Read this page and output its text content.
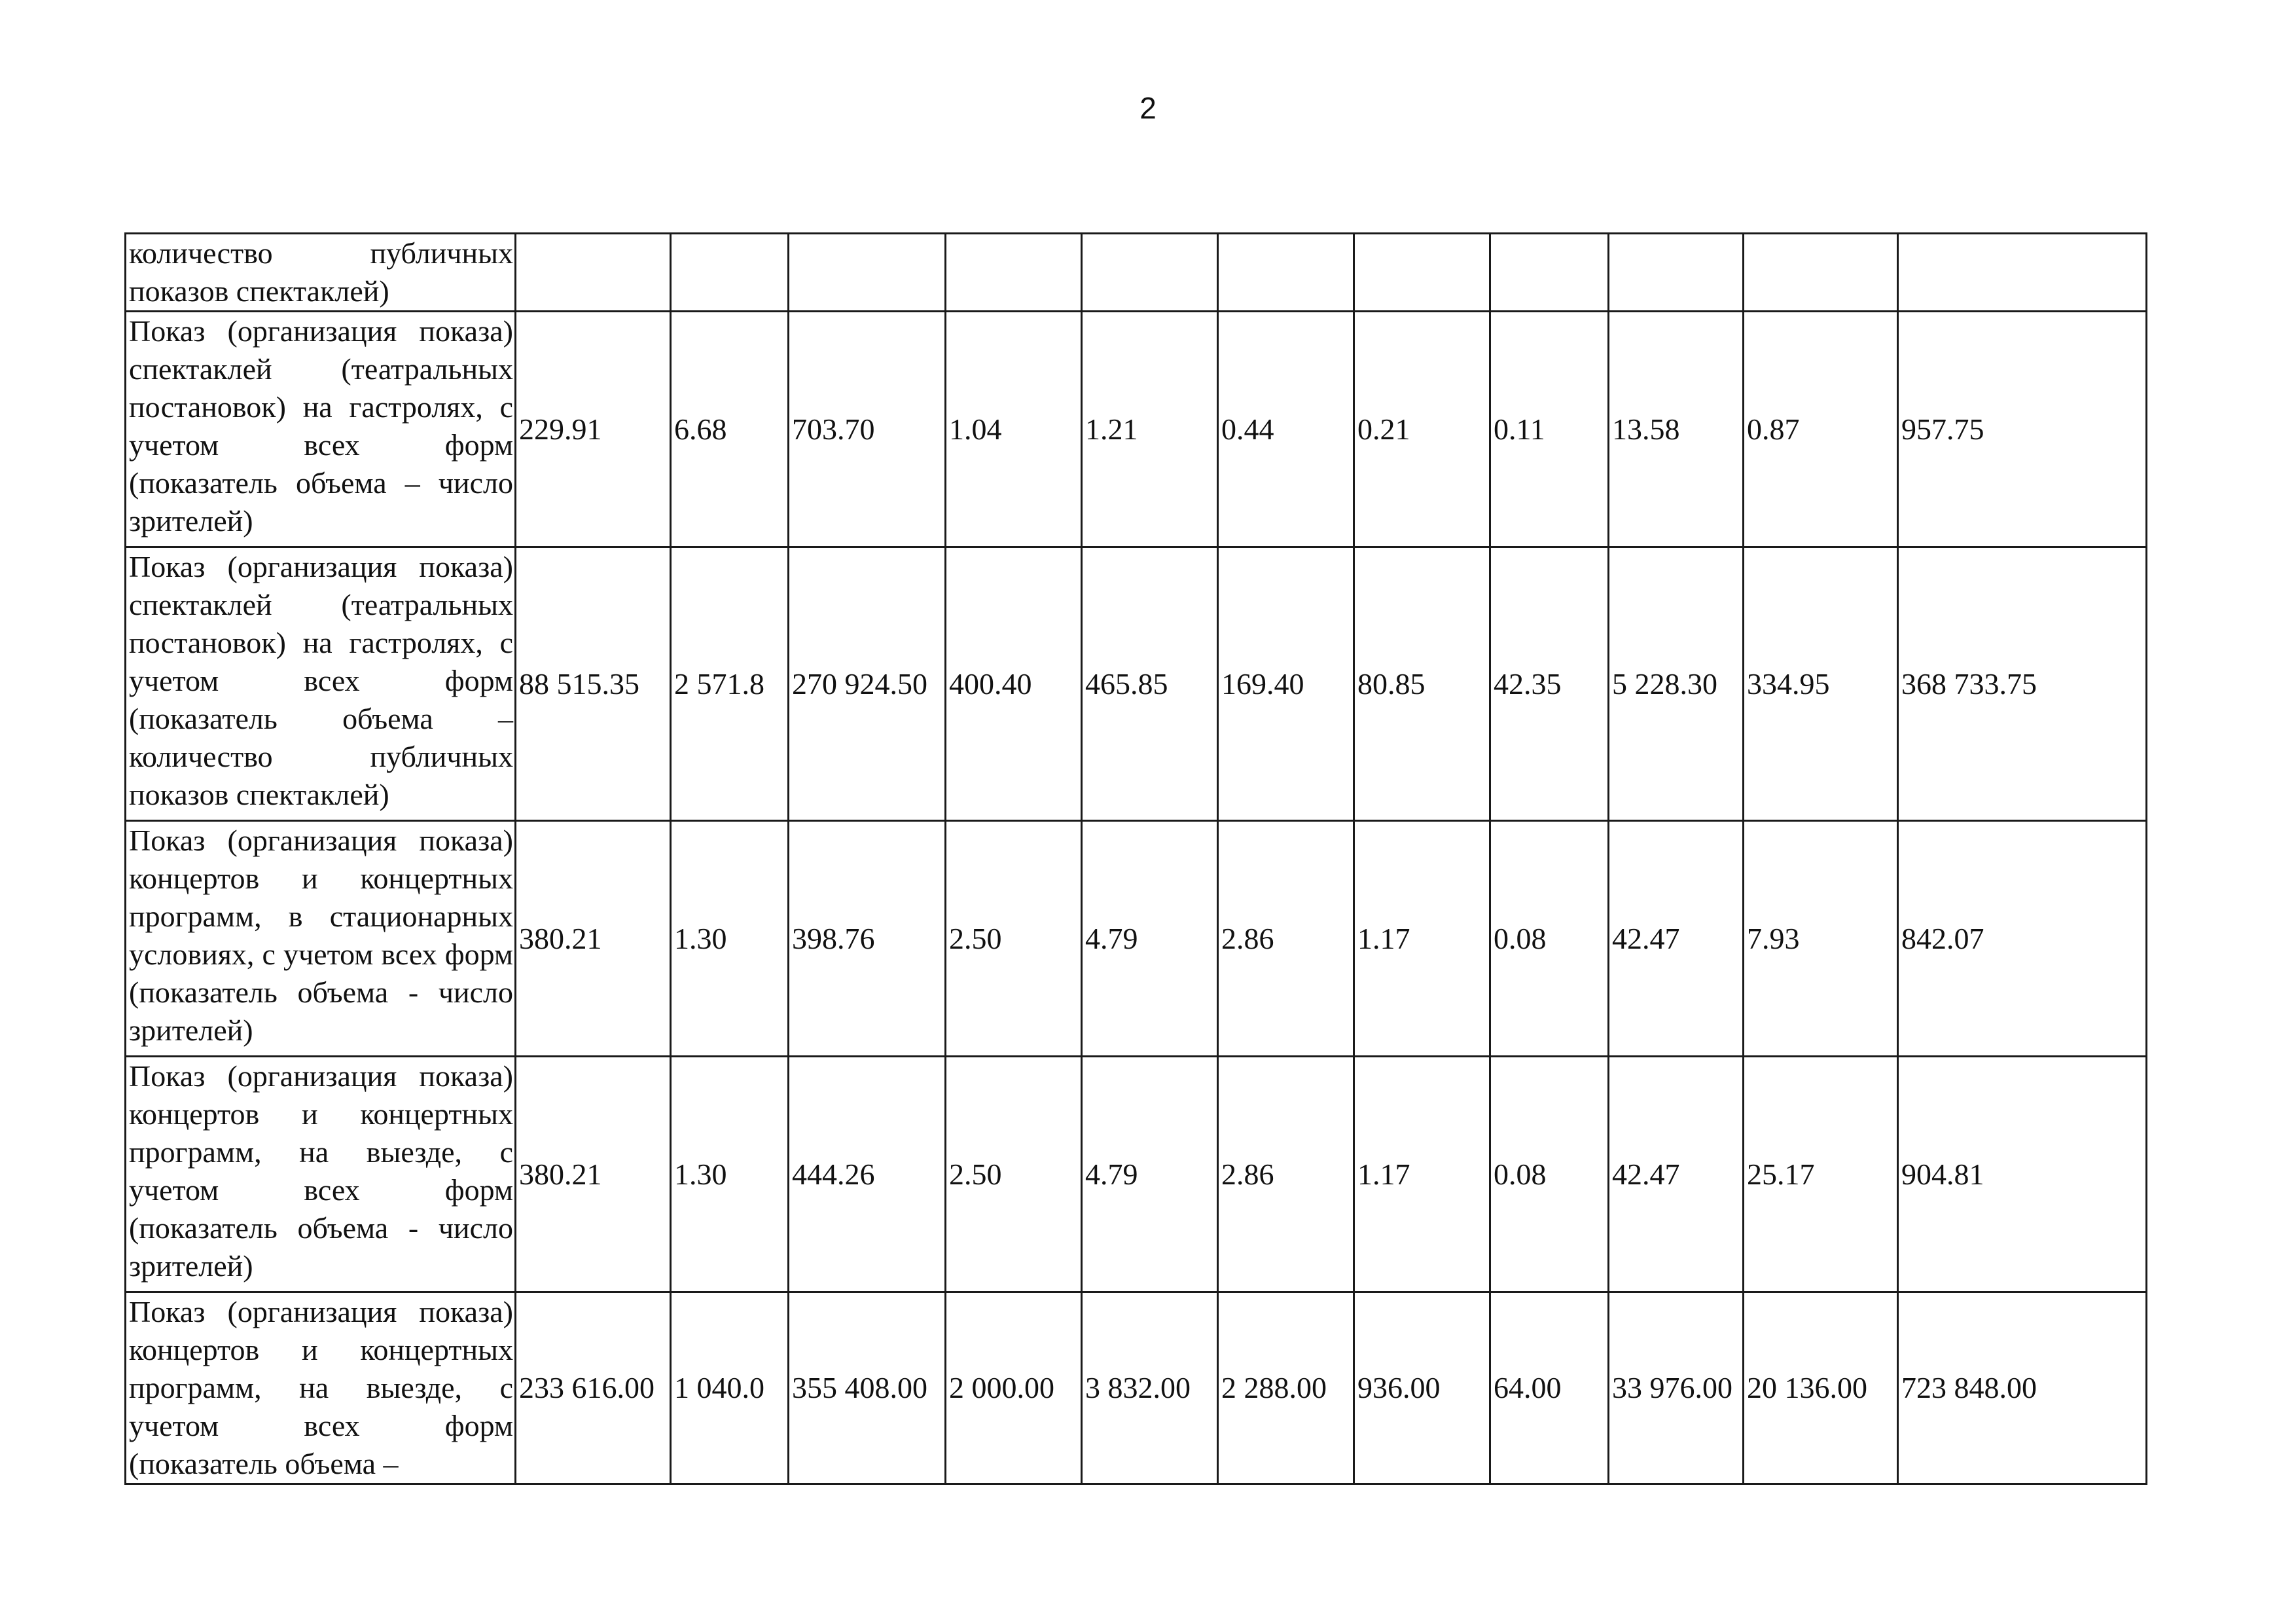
2
количество публичных показов спектаклей)											
Показ (организация показа) спектаклей (театральных постановок) на гастролях, с учетом всех форм (показатель объема – число зрителей)	229.91	6.68	703.70	1.04	1.21	0.44	0.21	0.11	13.58	0.87	957.75
Показ (организация показа) спектаклей (театральных постановок) на гастролях, с учетом всех форм (показатель объема – количество публичных показов спектаклей)	88 515.35	2 571.8	270 924.50	400.40	465.85	169.40	80.85	42.35	5 228.30	334.95	368 733.75
Показ (организация показа) концертов и концертных программ, в стационарных условиях, с учетом всех форм (показатель объема - число зрителей)	380.21	1.30	398.76	2.50	4.79	2.86	1.17	0.08	42.47	7.93	842.07
Показ (организация показа) концертов и концертных программ, на выезде, с учетом всех форм (показатель объема - число зрителей)	380.21	1.30	444.26	2.50	4.79	2.86	1.17	0.08	42.47	25.17	904.81
Показ (организация показа) концертов и концертных программ, на выезде, с учетом всех форм (показатель объема –	233 616.00	1 040.0	355 408.00	2 000.00	3 832.00	2 288.00	936.00	64.00	33 976.00	20 136.00	723 848.00
